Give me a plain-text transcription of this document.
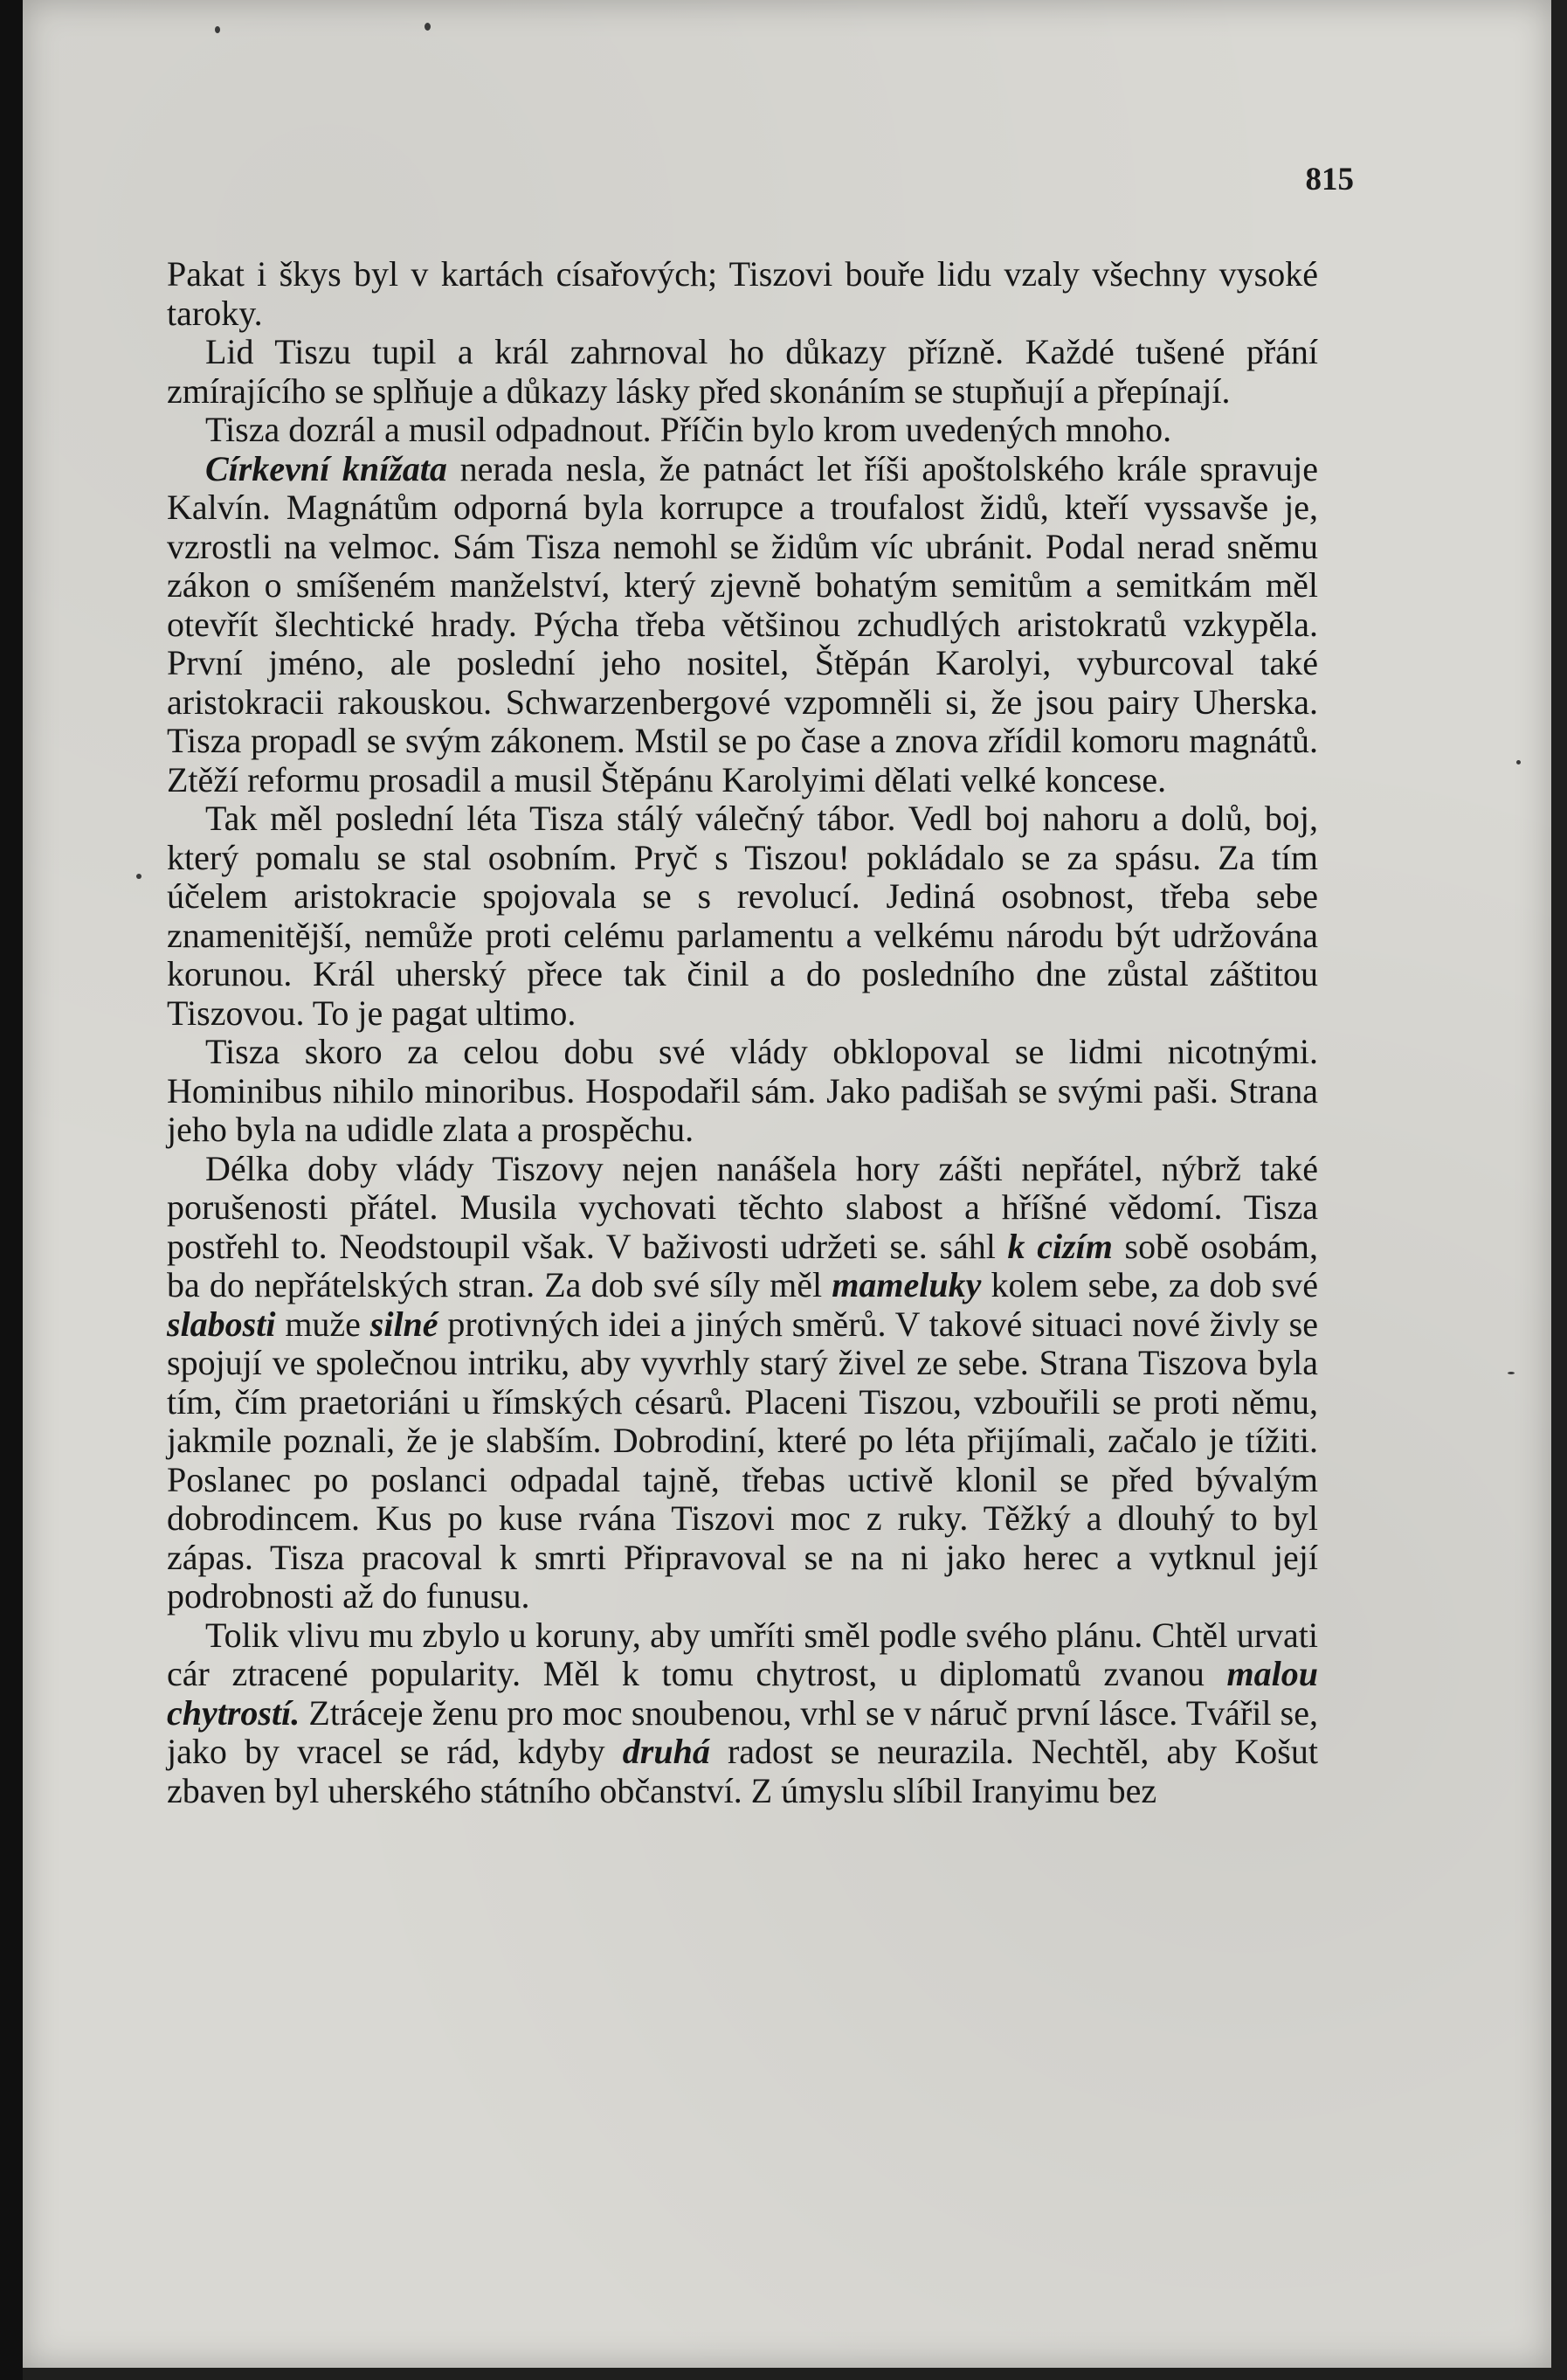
815

Pakat i škys byl v kartách císařových; Tiszovi bouře lidu vzaly všechny vysoké taroky.

Lid Tiszu tupil a král zahrnoval ho důkazy přízně. Každé tušené přání zmírajícího se splňuje a důkazy lásky před skonáním se stupňují a přepínají.

Tisza dozrál a musil odpadnout. Příčin bylo krom uvedených mnoho.

Církevní knížata nerada nesla, že patnáct let říši apoštolského krále spravuje Kalvín. Magnátům odporná byla korrupce a troufalost židů, kteří vyssavše je, vzrostli na velmoc. Sám Tisza nemohl se židům víc ubránit. Podal nerad sněmu zákon o smíšeném manželství, který zjevně bohatým semitům a semitkám měl otevřít šlechtické hrady. Pýcha třeba většinou zchudlých aristokratů vzkypěla. První jméno, ale poslední jeho nositel, Štěpán Karolyi, vyburcoval také aristokracii rakouskou. Schwarzenbergové vzpomněli si, že jsou pairy Uherska. Tisza propadl se svým zákonem. Mstil se po čase a znova zřídil komoru magnátů. Ztěží reformu prosadil a musil Štěpánu Karolyimi dělati velké koncese.

Tak měl poslední léta Tisza stálý válečný tábor. Vedl boj nahoru a dolů, boj, který pomalu se stal osobním. Pryč s Tiszou! pokládalo se za spásu. Za tím účelem aristokracie spojovala se s revolucí. Jediná osobnost, třeba sebe znamenitější, nemůže proti celému parlamentu a velkému národu být udržována korunou. Král uherský přece tak činil a do posledního dne zůstal záštitou Tiszovou. To je pagat ultimo.

Tisza skoro za celou dobu své vlády obklopoval se lidmi nicotnými. Hominibus nihilo minoribus. Hospodařil sám. Jako padišah se svými paši. Strana jeho byla na udidle zlata a prospěchu.

Délka doby vlády Tiszovy nejen nanášela hory zášti nepřátel, nýbrž také porušenosti přátel. Musila vychovati těchto slabost a hříšné vědomí. Tisza postřehl to. Neodstoupil však. V baživosti udržeti se. sáhl k cizím sobě osobám, ba do nepřátelských stran. Za dob své síly měl mameluky kolem sebe, za dob své slabosti muže silné protivných idei a jiných směrů. V takové situaci nové živly se spojují ve společnou intriku, aby vyvrhly starý živel ze sebe. Strana Tiszova byla tím, čím praetoriáni u římských césarů. Placeni Tiszou, vzbouřili se proti němu, jakmile poznali, že je slabším. Dobrodiní, které po léta přijímali, začalo je tížiti. Poslanec po poslanci odpadal tajně, třebas uctivě klonil se před bývalým dobrodincem. Kus po kuse rvána Tiszovi moc z ruky. Těžký a dlouhý to byl zápas. Tisza pracoval k smrti Připravoval se na ni jako herec a vytknul její podrobnosti až do funusu.

Tolik vlivu mu zbylo u koruny, aby umříti směl podle svého plánu. Chtěl urvati cár ztracené popularity. Měl k tomu chytrost, u diplomatů zvanou malou chytrostí. Ztráceje ženu pro moc snoubenou, vrhl se v náruč první lásce. Tvářil se, jako by vracel se rád, kdyby druhá radost se neurazila. Nechtěl, aby Košut zbaven byl uherského státního občanství. Z úmyslu slíbil Iranyimu bez
